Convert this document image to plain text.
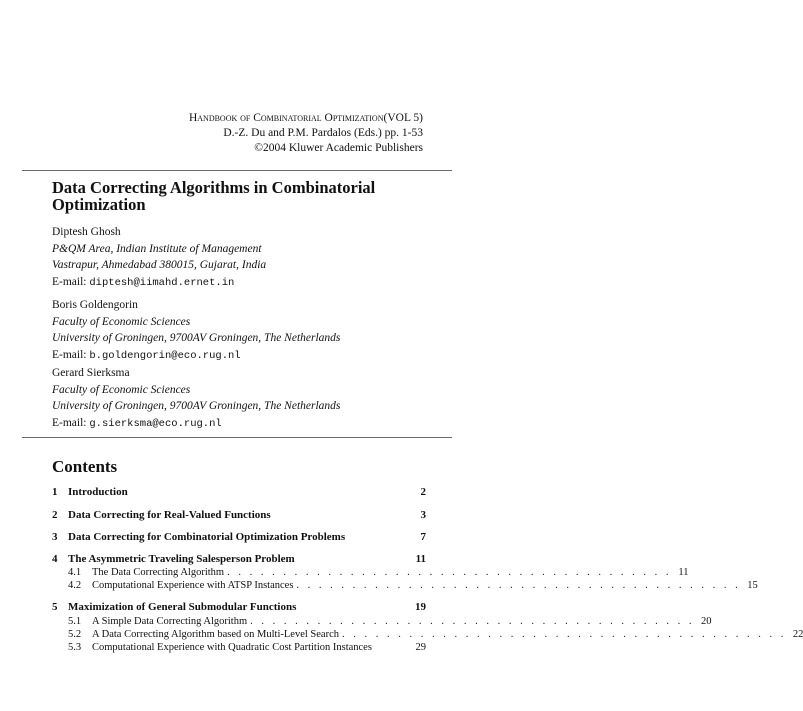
Handbook of Combinatorial Optimization(VOL 5)
D.-Z. Du and P.M. Pardalos (Eds.) pp. 1-53
©2004 Kluwer Academic Publishers
Data Correcting Algorithms in Combinatorial Optimization
Diptesh Ghosh
P&QM Area, Indian Institute of Management
Vastrapur, Ahmedabad 380015, Gujarat, India
E-mail: diptesh@iimahd.ernet.in
Boris Goldengorin
Faculty of Economic Sciences
University of Groningen, 9700AV Groningen, The Netherlands
E-mail: b.goldengorin@eco.rug.nl
Gerard Sierksma
Faculty of Economic Sciences
University of Groningen, 9700AV Groningen, The Netherlands
E-mail: g.sierksma@eco.rug.nl
Contents
1 Introduction	2
2 Data Correcting for Real-Valued Functions	3
3 Data Correcting for Combinatorial Optimization Problems	7
4 The Asymmetric Traveling Salesperson Problem	11
4.1	The Data Correcting Algorithm . . . . . . . . . . . . . . . . . . . . . . . . . . . . . . . . . . . . . . . . 11
4.2	Computational Experience with ATSP Instances . . . . . . . . . . . . . . . . . . . . . . . . . . . . . . . . . . . . . . . . 15
5 Maximization of General Submodular Functions	19
5.1	A Simple Data Correcting Algorithm . . . . . . . . . . . . . . . . . . . . . . . . . . . . . . . . . . . . . . . . 20
5.2	A Data Correcting Algorithm based on Multi-Level Search . . . . . . . . . . . . . . . . . . . . . . . . . . . . . . . . . . . . . . . . 22
5.3	Computational Experience with Quadratic Cost Partition Instances	29
